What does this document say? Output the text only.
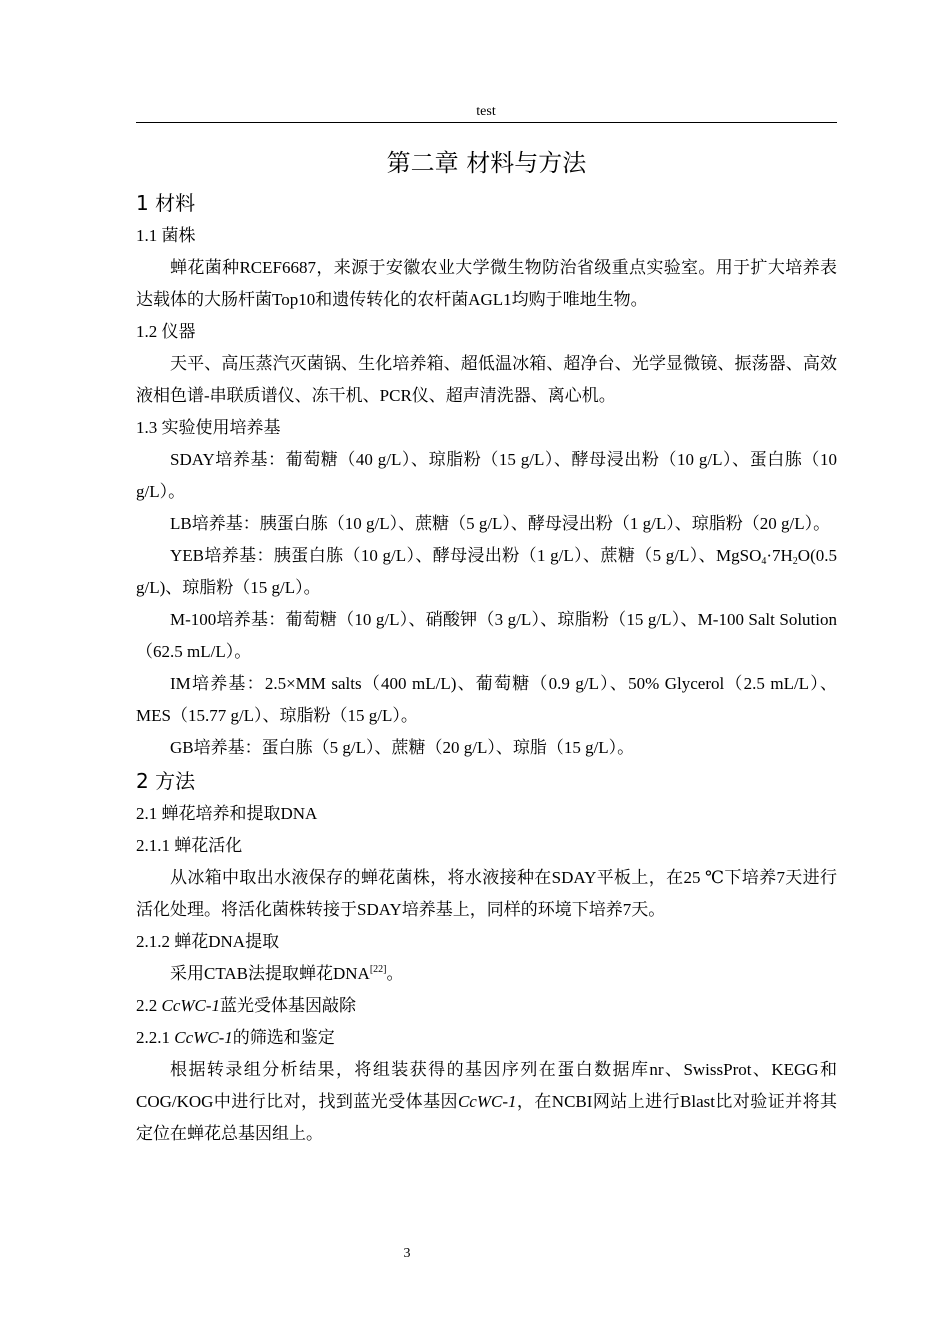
test
第二章 材料与方法
1 材料
1.1 菌株
蝉花菌种RCEF6687，来源于安徽农业大学微生物防治省级重点实验室。用于扩大培养表达载体的大肠杆菌Top10和遗传转化的农杆菌AGL1均购于唯地生物。
1.2 仪器
天平、高压蒸汽灭菌锅、生化培养箱、超低温冰箱、超净台、光学显微镜、振荡器、高效液相色谱-串联质谱仪、冻干机、PCR仪、超声清洗器、离心机。
1.3 实验使用培养基
SDAY培养基：葡萄糖（40 g/L）、琼脂粉（15 g/L）、酵母浸出粉（10 g/L）、蛋白胨（10 g/L）。
LB培养基：胰蛋白胨（10 g/L）、蔗糖（5 g/L）、酵母浸出粉（1 g/L）、琼脂粉（20 g/L）。
YEB培养基：胰蛋白胨（10 g/L）、酵母浸出粉（1 g/L）、蔗糖（5 g/L）、$MgSO_4\cdot 7H_2O(0.5$ g/L)、琼脂粉（15 g/L）。
M-100培养基：葡萄糖（10 g/L）、硝酸钾（3 g/L）、琼脂粉（15 g/L）、M-100 Salt Solution（62.5 mL/L）。
IM培养基：2.5×MM salts（400 mL/L)、葡萄糖（0.9 g/L）、50% Glycerol（2.5 mL/L）、MES（15.77 g/L）、琼脂粉（15 g/L）。
GB培养基：蛋白胨（5 g/L）、蔗糖（20 g/L）、琼脂（15 g/L）。
2 方法
2.1 蝉花培养和提取DNA
2.1.1 蝉花活化
从冰箱中取出水液保存的蝉花菌株，将水液接种在SDAY平板上，在25 ℃下培养7天进行活化处理。将活化菌株转接于SDAY培养基上，同样的环境下培养7天。
2.1.2 蝉花DNA提取
采用CTAB法提取蝉花DNA[22]。
2.2 CcWC-1蓝光受体基因敲除
2.2.1 CcWC-1的筛选和鉴定
根据转录组分析结果，将组装获得的基因序列在蛋白数据库nr、SwissProt、KEGG和COG/KOG中进行比对，找到蓝光受体基因CcWC-1，在NCBI网站上进行Blast比对验证并将其定位在蝉花总基因组上。
3
